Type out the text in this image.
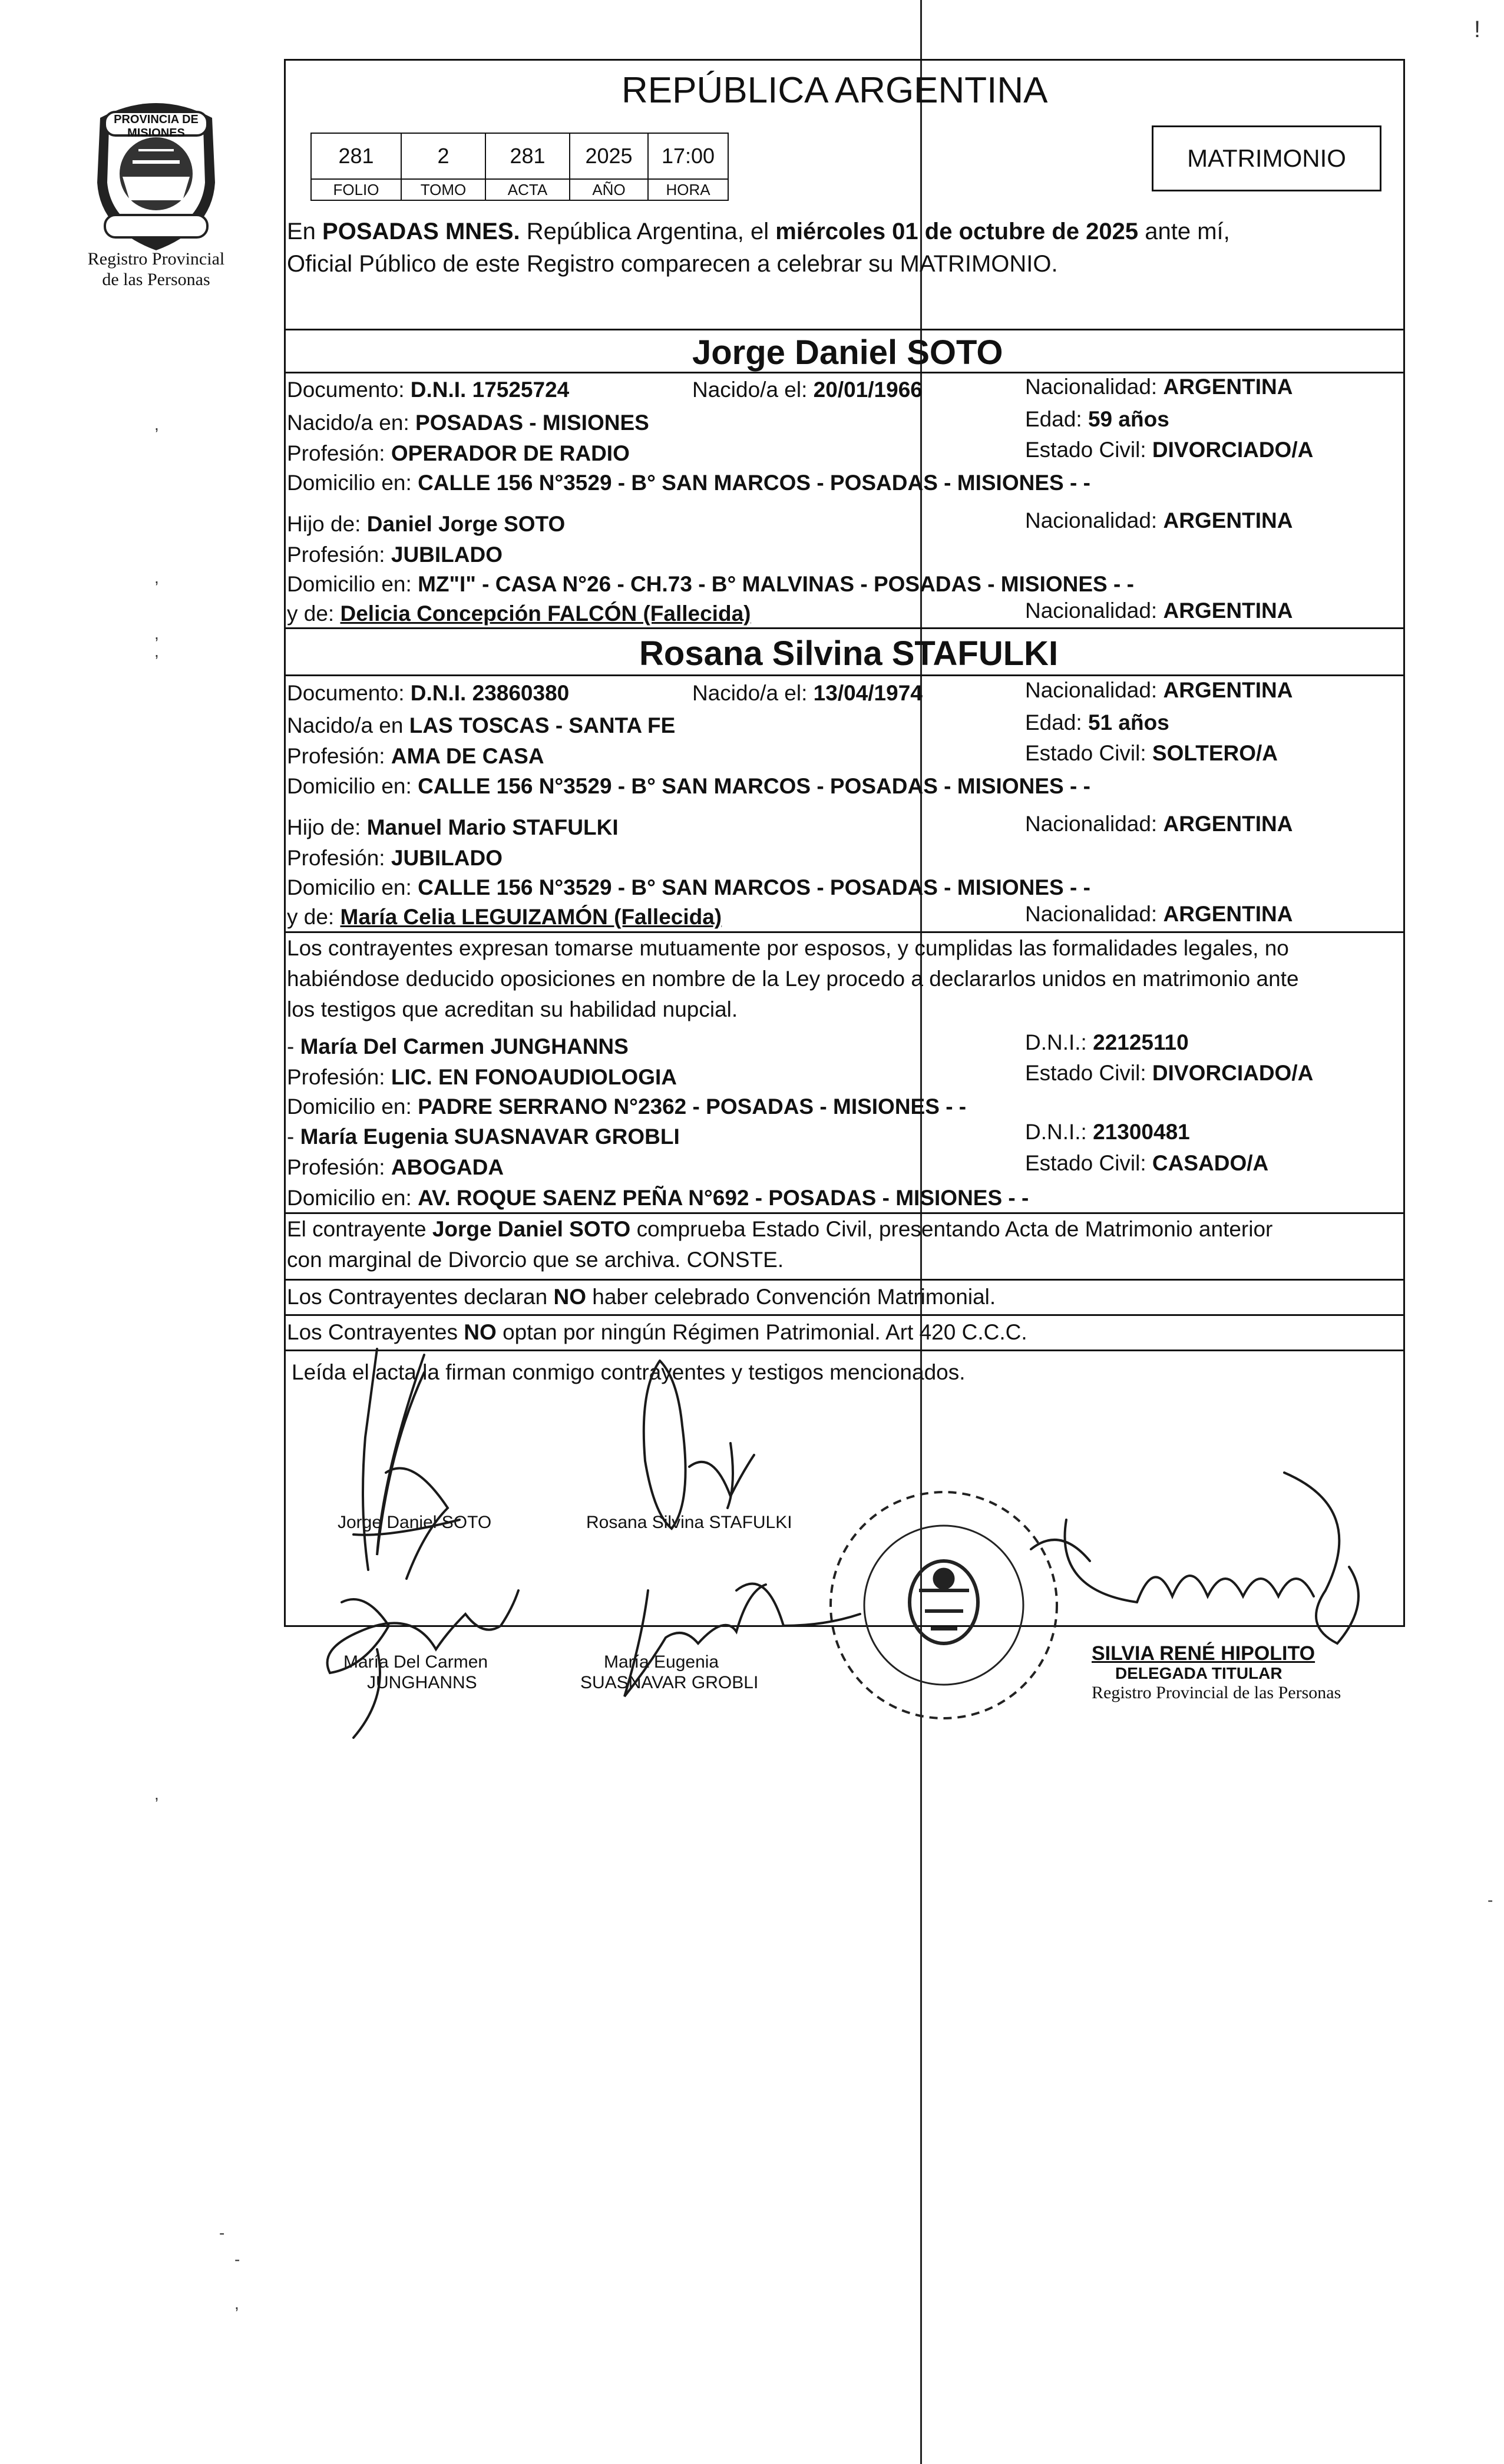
PROVINCIA DE MISIONES
Registro Provincial
de las Personas
!
,
,
,
,
,
-
-
-
,
REPÚBLICA ARGENTINA
281	2	281	2025	17:00
FOLIO	TOMO	ACTA	AÑO	HORA
MATRIMONIO
En POSADAS MNES. República Argentina, el miércoles 01 de octubre de 2025 ante mí,
Oficial Público de este Registro comparecen a celebrar su MATRIMONIO.
Jorge Daniel SOTO
Documento: D.N.I. 17525724	Nacido/a el: 20/01/1966	Nacionalidad: ARGENTINA
Nacido/a en: POSADAS - MISIONES	Edad: 59 años
Profesión: OPERADOR DE RADIO	Estado Civil: DIVORCIADO/A
Domicilio en: CALLE 156 N°3529 - B° SAN MARCOS - POSADAS - MISIONES - -
Hijo de: Daniel Jorge SOTO	Nacionalidad: ARGENTINA
Profesión: JUBILADO
Domicilio en: MZ"I" - CASA N°26 - CH.73 - B° MALVINAS - POSADAS - MISIONES - -
y de: Delicia Concepción FALCÓN (Fallecida)	Nacionalidad: ARGENTINA
Rosana Silvina STAFULKI
Documento: D.N.I. 23860380	Nacido/a el: 13/04/1974	Nacionalidad: ARGENTINA
Nacido/a en LAS TOSCAS - SANTA FE	Edad: 51 años
Profesión: AMA DE CASA	Estado Civil: SOLTERO/A
Domicilio en: CALLE 156 N°3529 - B° SAN MARCOS - POSADAS - MISIONES - -
Hijo de: Manuel Mario STAFULKI	Nacionalidad: ARGENTINA
Profesión: JUBILADO
Domicilio en: CALLE 156 N°3529 - B° SAN MARCOS - POSADAS - MISIONES - -
y de: María Celia LEGUIZAMÓN (Fallecida)	Nacionalidad: ARGENTINA
Los contrayentes expresan tomarse mutuamente por esposos, y cumplidas las formalidades legales, no
habiéndose deducido oposiciones en nombre de la Ley procedo a declararlos unidos en matrimonio ante
los testigos que acreditan su habilidad nupcial.
- María Del Carmen JUNGHANNS	D.N.I.: 22125110
Profesión: LIC. EN FONOAUDIOLOGIA	Estado Civil: DIVORCIADO/A
Domicilio en: PADRE SERRANO N°2362 - POSADAS - MISIONES - -
- María Eugenia SUASNAVAR GROBLI	D.N.I.: 21300481
Profesión: ABOGADA	Estado Civil: CASADO/A
Domicilio en: AV. ROQUE SAENZ PEÑA N°692 - POSADAS - MISIONES - -
El contrayente Jorge Daniel SOTO comprueba Estado Civil, presentando Acta de Matrimonio anterior
con marginal de Divorcio que se archiva. CONSTE.
Los Contrayentes declaran NO haber celebrado Convención Matrimonial.
Los Contrayentes NO optan por ningún Régimen Patrimonial. Art 420 C.C.C.
Leída el acta la firman conmigo contrayentes y testigos mencionados.
Jorge Daniel SOTO	Rosana Silvina STAFULKI
María Del Carmen
JUNGHANNS
María Eugenia
SUASNAVAR GROBLI
SILVIA RENÉ HIPOLITO
DELEGADA TITULAR
Registro Provincial de las Personas
